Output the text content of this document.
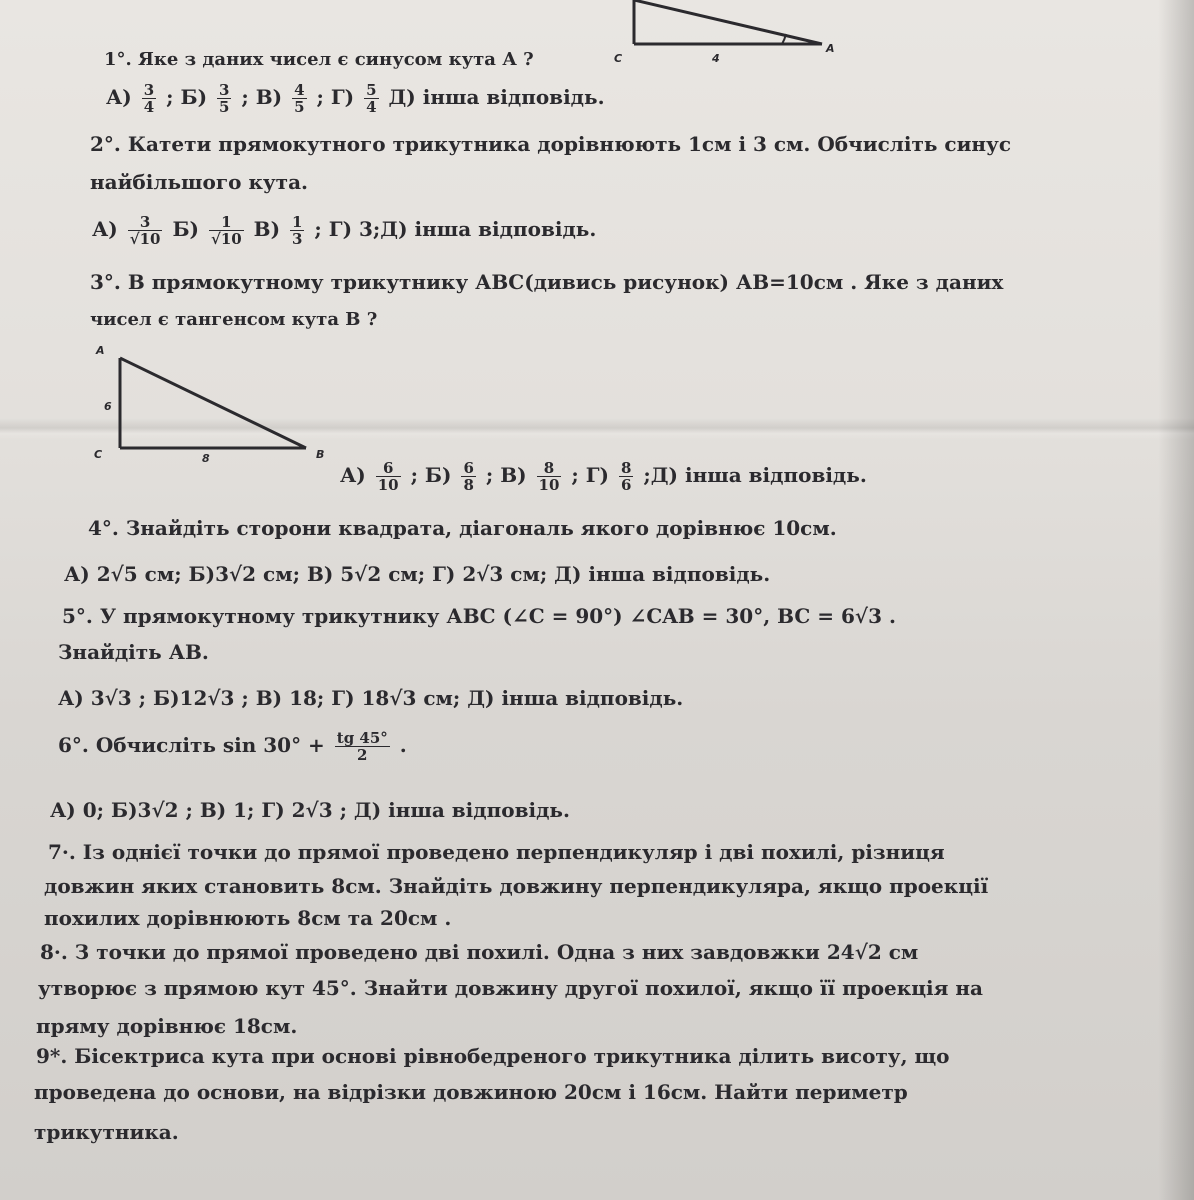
C	4
A
1°. Яке з даних чисел є синусом кута А ?
$А) \frac{3}{4}$ ; $Б) \frac{3}{5}$ ; $В) \frac{4}{5}$ ; $Г) \frac{5}{4} Д$) інша відповідь.
2°. Катети прямокутного трикутника дорівнюють 1см і 3 см. Обчисліть синус
найбільшого кута.
$А) \frac{3}{√10} Б) \frac{1}{√10} В) \frac{1}{3}$ ; Г) 3;Д) інша відповідь.
3°. В прямокутному трикутнику АВС(дивись рисунок) АВ=10см . Яке з даних
чисел є тангенсом кута В ?
A
6
C	8	B
$А) \frac{6}{10}$ ; $Б) \frac{6}{8}$ ; $В) \frac{8}{10}$ ; $Г) \frac{8}{6}$ ;Д) інша відповідь.
4°. Знайдіть сторони квадрата, діагональ якого дорівнює 10см.
А) 2√5 см; Б)3√2 см; В) 5√2 см; Г) 2√3 см; Д) інша відповідь.
5°. У прямокутному трикутнику АВС (∠C = 90°) ∠CAB = 30°, BC = 6√3 .
Знайдіть АВ.
А) 3√3 ; Б)12√3 ; В) 18; Г) 18√3 см; Д) інша відповідь.
6°. Обчисліть $\sin 30^\circ + \frac{tg 45^\circ}{2}$ .
А) 0; Б)3√2 ; В) 1; Г) 2√3 ; Д) інша відповідь.
7·. Із однієї точки до прямої проведено перпендикуляр і дві похилі, різниця
довжин яких становить 8см. Знайдіть довжину перпендикуляра, якщо проекції
похилих дорівнюють 8см та 20см .
8·. З точки до прямої проведено дві похилі. Одна з них завдовжки 24√2 см
утворює з прямою кут 45°. Знайти довжину другої похилої, якщо її проекція на
пряму дорівнює 18см.
9*. Бісектриса кута при основі рівнобедреного трикутника ділить висоту, що
проведена до основи, на відрізки довжиною 20см і 16см. Найти периметр
трикутника.
